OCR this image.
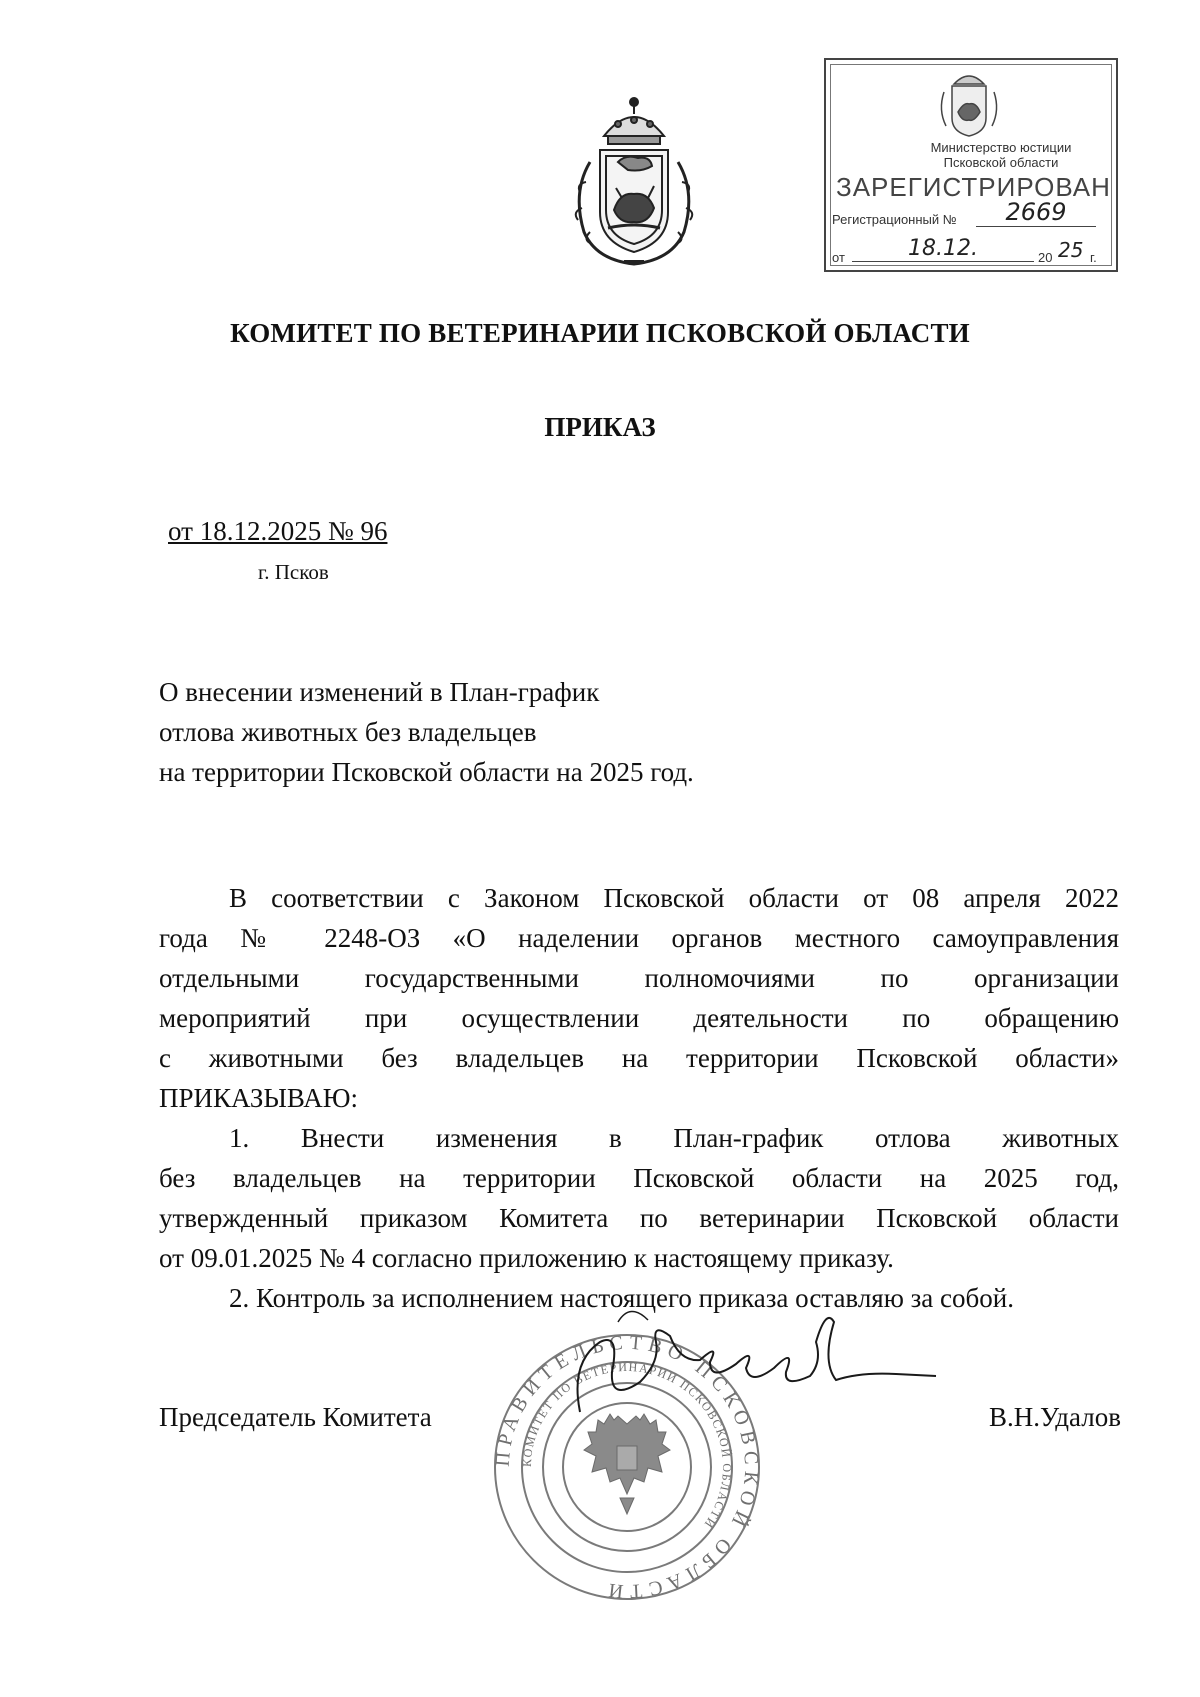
Министерство юстиции
Псковской области
ЗАРЕГИСТРИРОВАН
Регистрационный №	2669
от	18.12.	20 25 г.
КОМИТЕТ ПО ВЕТЕРИНАРИИ ПСКОВСКОЙ ОБЛАСТИ
ПРИКАЗ
от 18.12.2025 № 96
г. Псков
О внесении изменений в План-график
отлова животных без владельцев
на территории Псковской области на 2025 год.
В соответствии с Законом Псковской области от 08 апреля 2022
года № 2248-ОЗ «О наделении органов местного самоуправления
отдельными государственными полномочиями по организации
мероприятий при осуществлении деятельности по обращению
с животными без владельцев на территории Псковской области»
ПРИКАЗЫВАЮ:
1. Внести изменения в План-график отлова животных
без владельцев на территории Псковской области на 2025 год,
утвержденный приказом Комитета по ветеринарии Псковской области
от 09.01.2025 № 4 согласно приложению к настоящему приказу.
2. Контроль за исполнением настоящего приказа оставляю за собой.
ПРАВИТЕЛЬСТВО ПСКОВСКОЙ ОБЛАСТИ
КОМИТЕТ ПО ВЕТЕРИНАРИИ ПСКОВСКОЙ ОБЛАСТИ
Председатель Комитета	В.Н.Удалов
